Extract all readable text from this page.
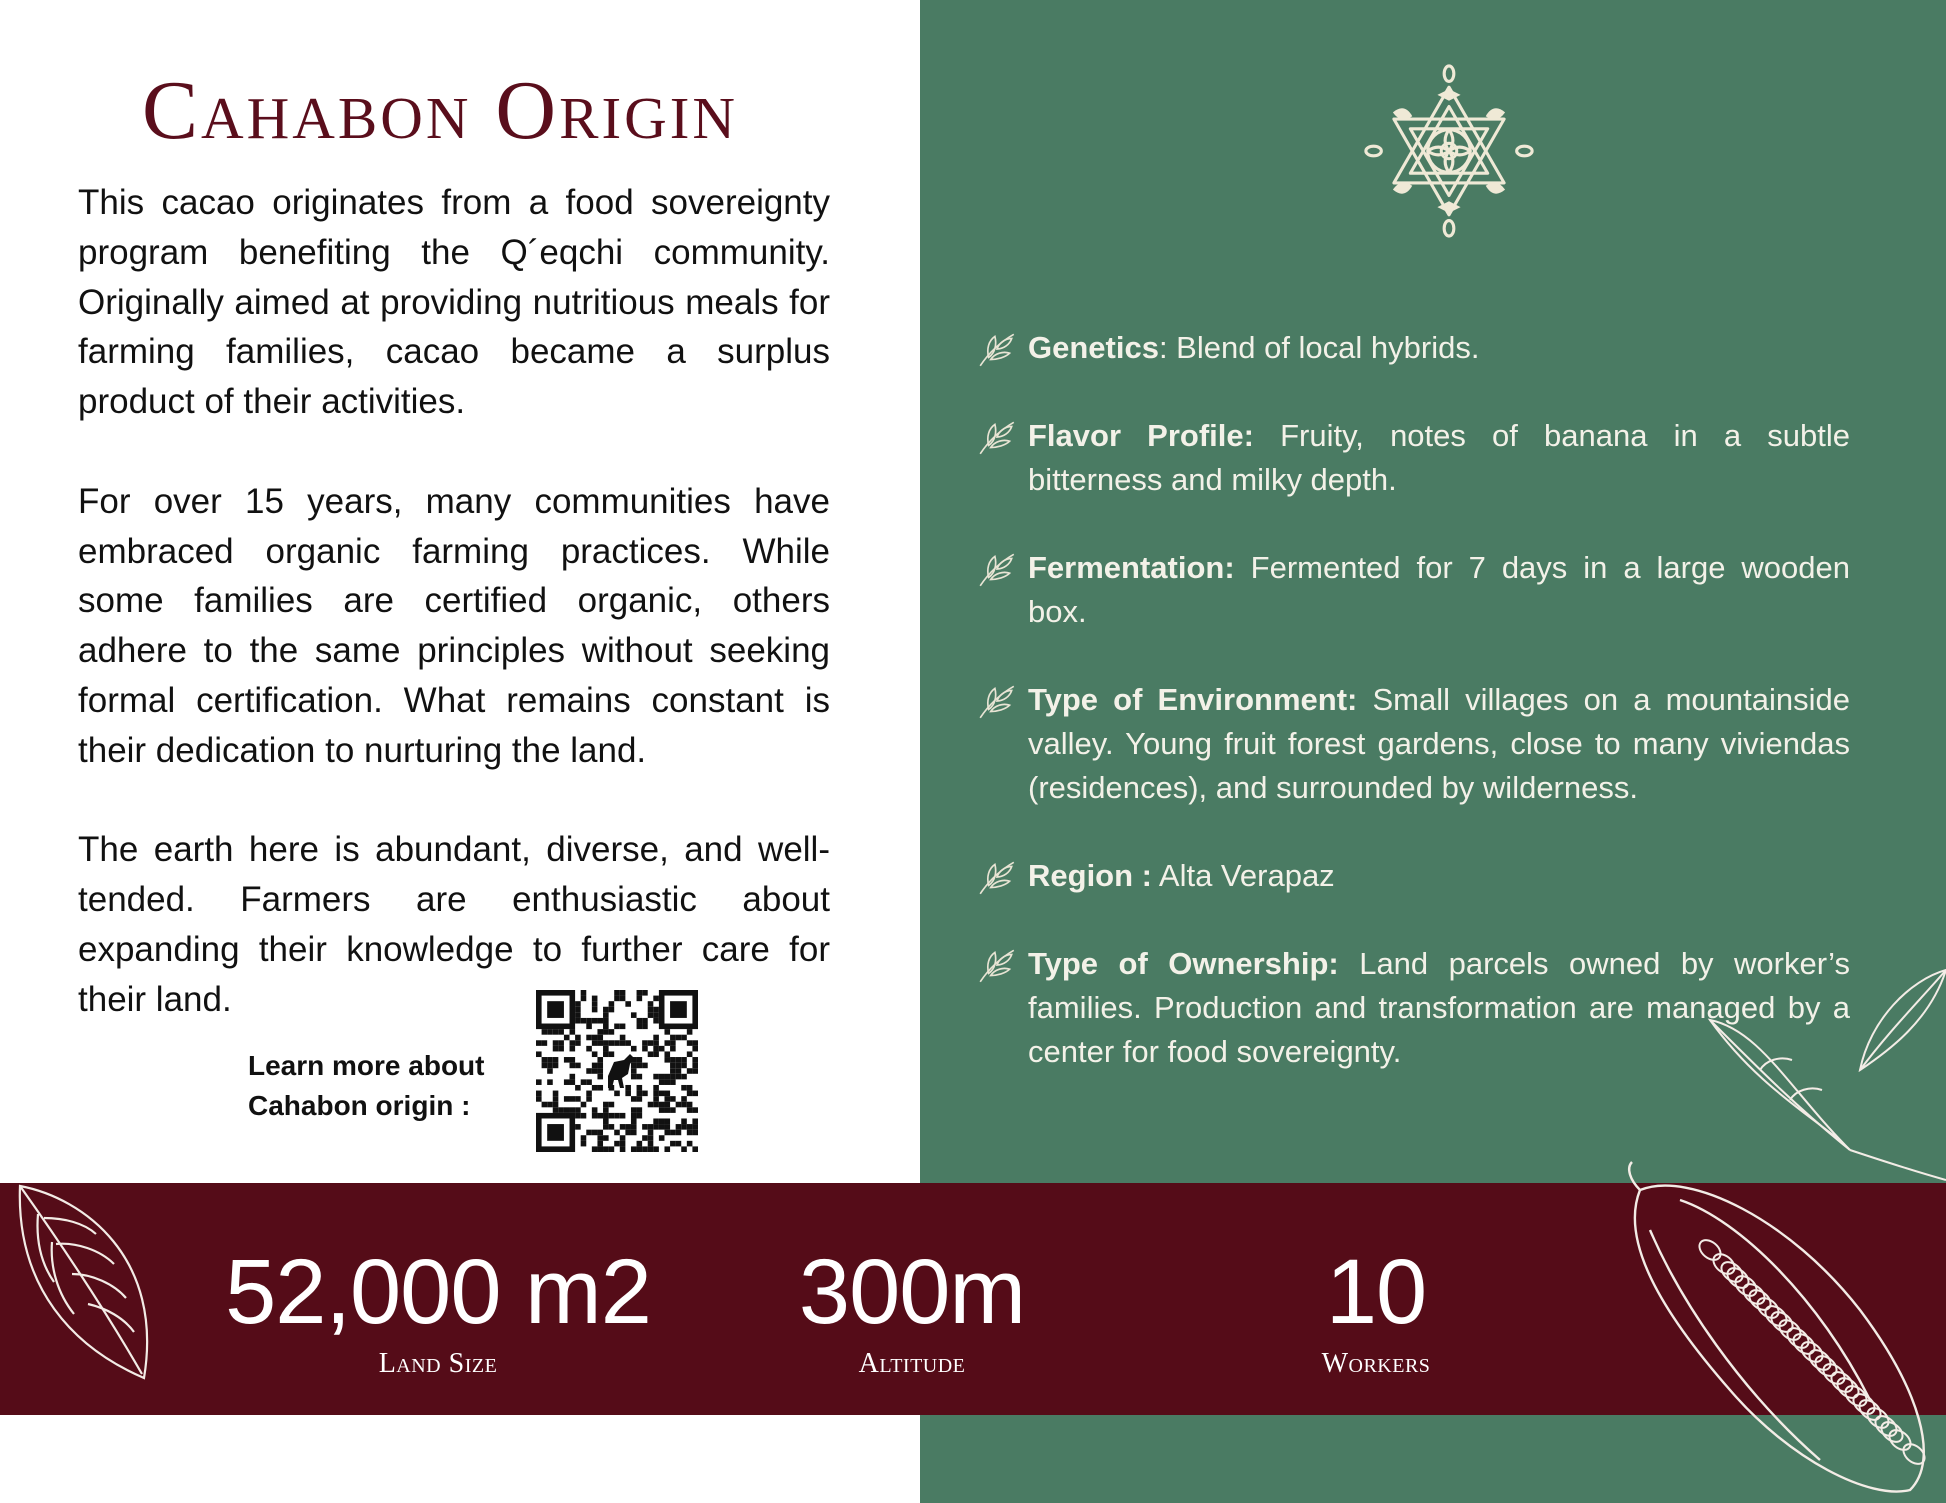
Cahabon Origin

This cacao originates from a food sovereignty program benefiting the Q´eqchi community. Originally aimed at providing nutritious meals for farming families, cacao became a surplus product of their activities.

For over 15 years, many communities have embraced organic farming practices. While some families are certified organic, others adhere to the same principles without seeking formal certification. What remains constant is their dedication to nurturing the land.

The earth here is abundant, diverse, and well-tended. Farmers are enthusiastic about expanding their knowledge to further care for their land.

Learn more about
Cahabon origin :
Genetics: Blend of local hybrids.
Flavor Profile: Fruity, notes of banana in a subtle bitterness and milky depth.
Fermentation: Fermented for 7 days in a large wooden box.
Type of Environment: Small villages on a mountainside valley. Young fruit forest gardens, close to many viviendas (residences), and surrounded by wilderness.
Region : Alta Verapaz
Type of Ownership: Land parcels owned by worker’s families. Production and transformation are managed by a center for food sovereignty.
52,000 m2
Land Size
300m
Altitude
10
Workers
